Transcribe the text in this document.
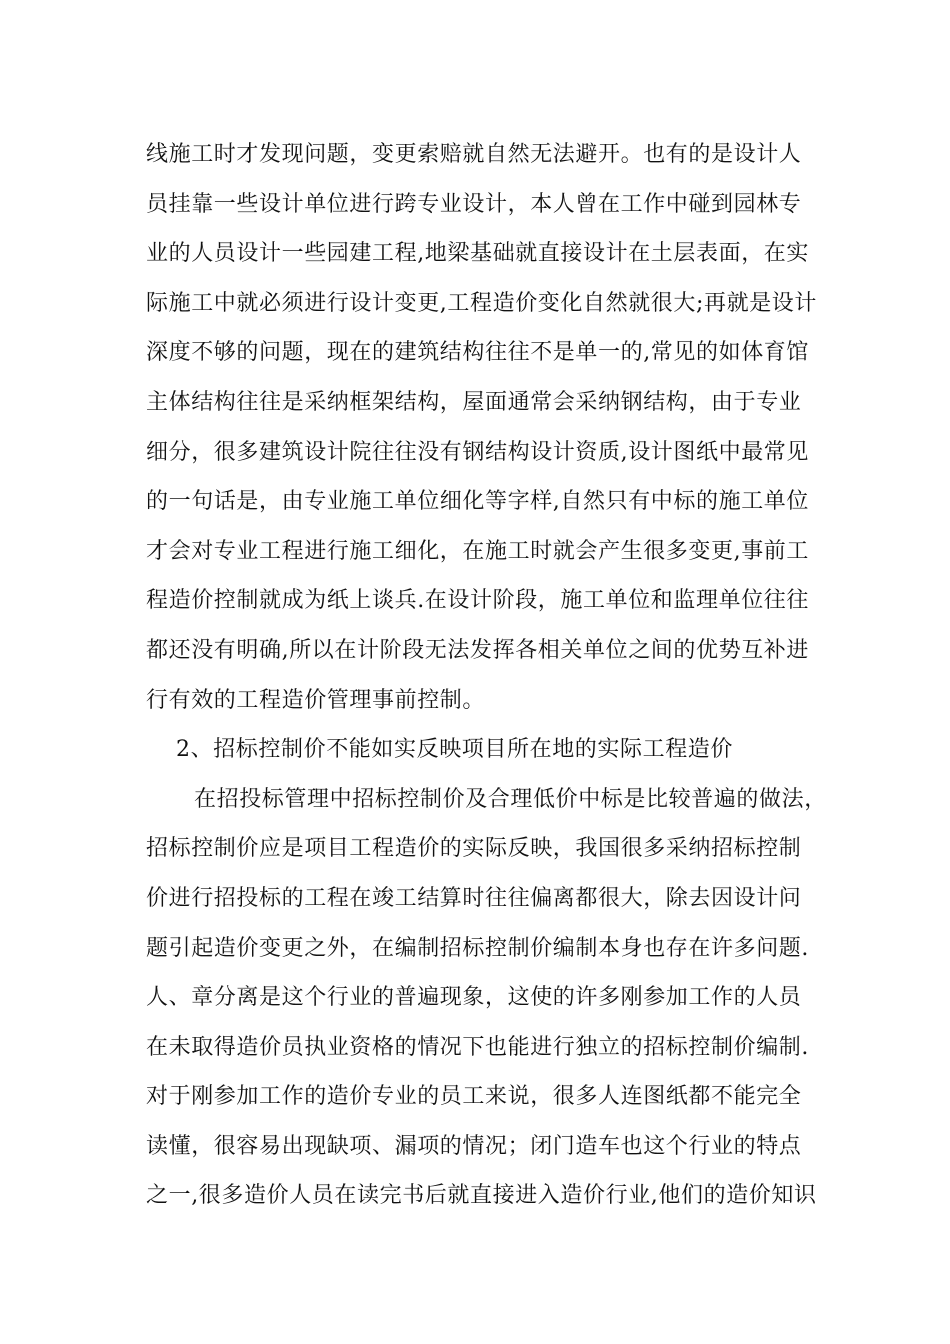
线施工时才发现问题，变更索赔就自然无法避开。也有的是设计人
员挂靠一些设计单位进行跨专业设计，本人曾在工作中碰到园林专
业的人员设计一些园建工程,地梁基础就直接设计在土层表面，在实
际施工中就必须进行设计变更,工程造价变化自然就很大;再就是设计
深度不够的问题，现在的建筑结构往往不是单一的,常见的如体育馆
主体结构往往是采纳框架结构，屋面通常会采纳钢结构，由于专业
细分，很多建筑设计院往往没有钢结构设计资质,设计图纸中最常见
的一句话是，由专业施工单位细化等字样,自然只有中标的施工单位
才会对专业工程进行施工细化，在施工时就会产生很多变更,事前工
程造价控制就成为纸上谈兵.在设计阶段，施工单位和监理单位往往
都还没有明确,所以在计阶段无法发挥各相关单位之间的优势互补进
行有效的工程造价管理事前控制。
2、招标控制价不能如实反映项目所在地的实际工程造价
在招投标管理中招标控制价及合理低价中标是比较普遍的做法，
招标控制价应是项目工程造价的实际反映，我国很多采纳招标控制
价进行招投标的工程在竣工结算时往往偏离都很大，除去因设计问
题引起造价变更之外，在编制招标控制价编制本身也存在许多问题.
人、章分离是这个行业的普遍现象，这使的许多刚参加工作的人员
在未取得造价员执业资格的情况下也能进行独立的招标控制价编制.
对于刚参加工作的造价专业的员工来说，很多人连图纸都不能完全
读懂，很容易出现缺项、漏项的情况；闭门造车也这个行业的特点
之一,很多造价人员在读完书后就直接进入造价行业,他们的造价知识
